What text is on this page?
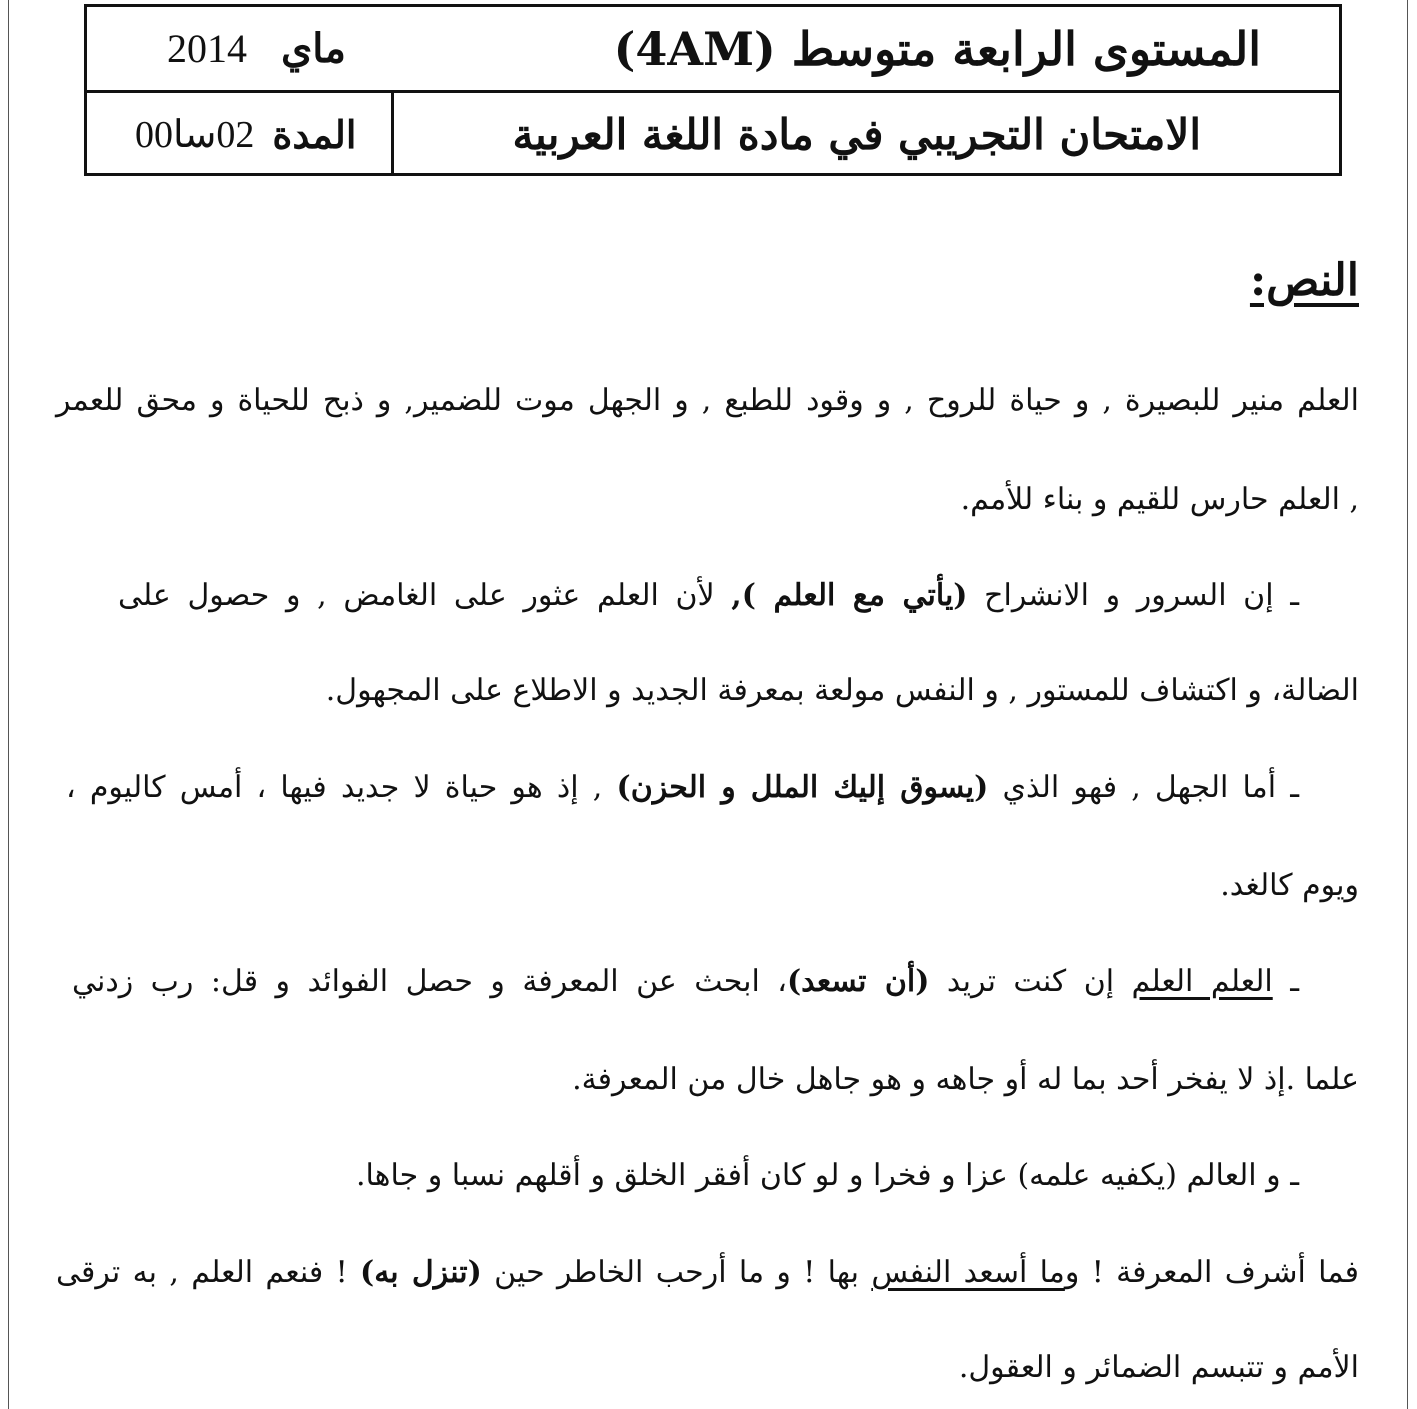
المستوى الرابعة متوسط (4AM)
ماي
2014
الامتحان التجريبي في مادة اللغة العربية
المدة
02سا00
النص:
العلم منير للبصيرة , و حياة للروح , و وقود للطبع , و الجهل موت للضمير, و ذبح للحياة و محق للعمر
, العلم حارس للقيم و بناء للأمم.
ـ إن السرور و الانشراح (يأتي مع العلم ), لأن العلم عثور على الغامض , و حصول على
الضالة، و اكتشاف للمستور , و النفس مولعة بمعرفة الجديد و الاطلاع على المجهول.
ـ أما الجهل , فهو الذي (يسوق إليك الملل و الحزن) , إذ هو حياة لا جديد فيها ، أمس كاليوم ،
ويوم كالغد.
ـ العلم العلم إن كنت تريد (أن تسعد)، ابحث عن المعرفة و حصل الفوائد و قل: رب زدني
علما .إذ لا يفخر أحد بما له أو جاهه و هو جاهل خال من المعرفة.
ـ و العالم (يكفيه علمه) عزا و فخرا و لو كان أفقر الخلق و أقلهم نسبا و جاها.
فما أشرف المعرفة ! وما أسعد النفس بها ! و ما أرحب الخاطر حين (تنزل به) ! فنعم العلم , به ترقى
الأمم و تتبسم الضمائر و العقول.
